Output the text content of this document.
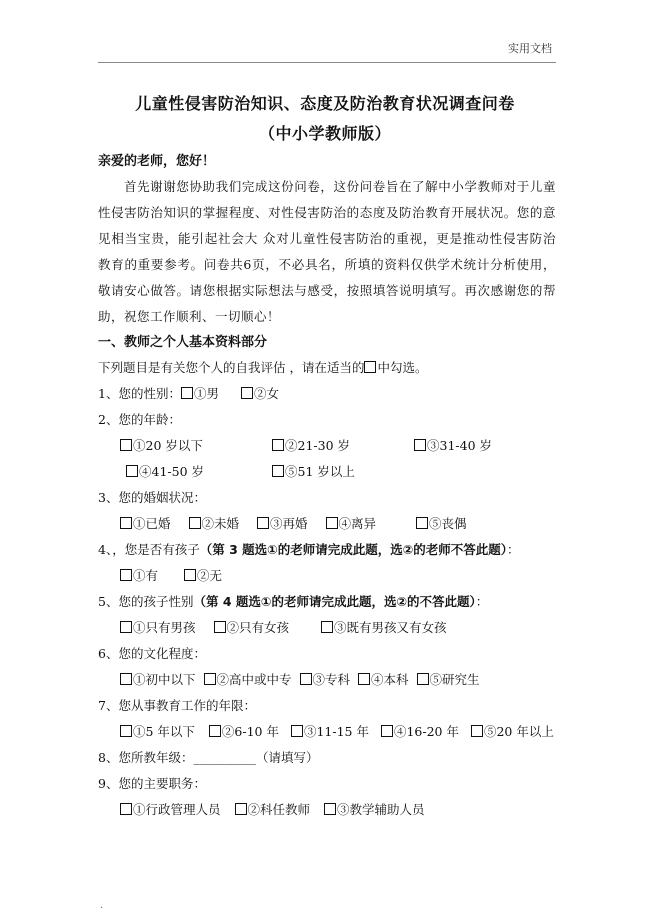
实用文档
儿童性侵害防治知识、态度及防治教育状况调查问卷
（中小学教师版）
亲爱的老师，您好！

首先谢谢您协助我们完成这份问卷，这份问卷旨在了解中小学教师对于儿童性侵害防治知识的掌握程度、对性侵害防治的态度及防治教育开展状况。您的意见相当宝贵，能引起社会大 众对儿童性侵害防治的重视，更是推动性侵害防治教育的重要参考。问卷共6页，不必具名，所填的资料仅供学术统计分析使用，敬请安心做答。请您根据实际想法与感受，按照填答说明填写。再次感谢您的帮助，祝您工作顺利、一切顺心！

一、教师之个人基本资料部分
下列题目是有关您个人的自我评估 ，请在适当的 中勾选。
1、您的性别： ①男	②女
2、您的年龄：
①20 岁以下	②21-30 岁	③31-40 岁
④41-50 岁	⑤51 岁以上
3、您的婚姻状况：
①已婚 ②未婚 ③再婚 ④离异	⑤丧偶
4、，您是否有孩子（第 3 题选①的老师请完成此题，选②的老师不答此题）：
①有	②无
5、您的孩子性别（第 4 题选①的老师请完成此题，选②的不答此题）：
①只有男孩 ②只有女孩	③既有男孩又有女孩
6、您的文化程度：
①初中以下 ②高中或中专 ③专科 ④本科 ⑤研究生
7、您从事教育工作的年限：
①5 年以下 ②6-10 年 ③11-15 年 ④16-20 年 ⑤20 年以上
8、您所教年级：__________（请填写）
9、您的主要职务：
①行政管理人员 ②科任教师 ③教学辅助人员
.
